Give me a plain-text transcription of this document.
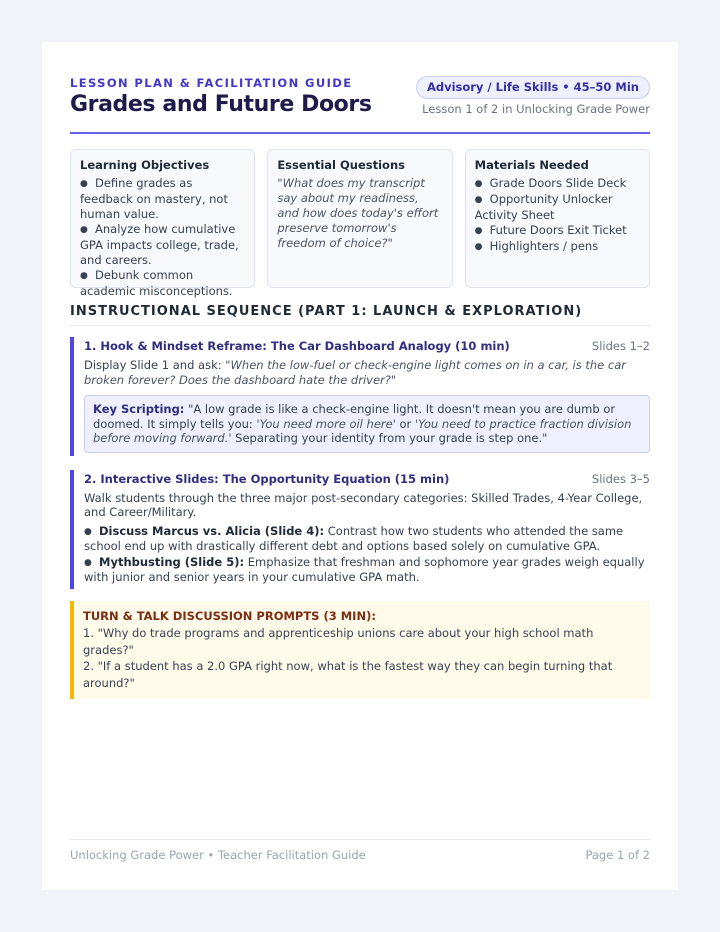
LESSON PLAN & FACILITATION GUIDE
Grades and Future Doors
Advisory / Life Skills • 45–50 Min
Lesson 1 of 2 in Unlocking Grade Power
Learning Objectives
● Define grades as feedback on mastery, not human value.
● Analyze how cumulative GPA impacts college, trade, and careers.
● Debunk common academic misconceptions.
Essential Questions

"What does my transcript say about my readiness, and how does today's effort preserve tomorrow's freedom of choice?"

Materials Needed
● Grade Doors Slide Deck
● Opportunity Unlocker Activity Sheet
● Future Doors Exit Ticket
● Highlighters / pens
INSTRUCTIONAL SEQUENCE (PART 1: LAUNCH & EXPLORATION)
1. Hook & Mindset Reframe: The Car Dashboard Analogy (10 min)	Slides 1–2

Display Slide 1 and ask: "When the low-fuel or check-engine light comes on in a car, is the car broken forever? Does the dashboard hate the driver?"

Key Scripting: "A low grade is like a check-engine light. It doesn't mean you are dumb or doomed. It simply tells you: 'You need more oil here' or 'You need to practice fraction division before moving forward.' Separating your identity from your grade is step one."
2. Interactive Slides: The Opportunity Equation (15 min)	Slides 3–5

Walk students through the three major post-secondary categories: Skilled Trades, 4-Year College, and Career/Military.

● Discuss Marcus vs. Alicia (Slide 4): Contrast how two students who attended the same school end up with drastically different debt and options based solely on cumulative GPA.
● Mythbusting (Slide 5): Emphasize that freshman and sophomore year grades weigh equally with junior and senior years in your cumulative GPA math.
TURN & TALK DISCUSSION PROMPTS (3 MIN):
1. "Why do trade programs and apprenticeship unions care about your high school math grades?"
2. "If a student has a 2.0 GPA right now, what is the fastest way they can begin turning that around?"
Unlocking Grade Power • Teacher Facilitation Guide	Page 1 of 2
